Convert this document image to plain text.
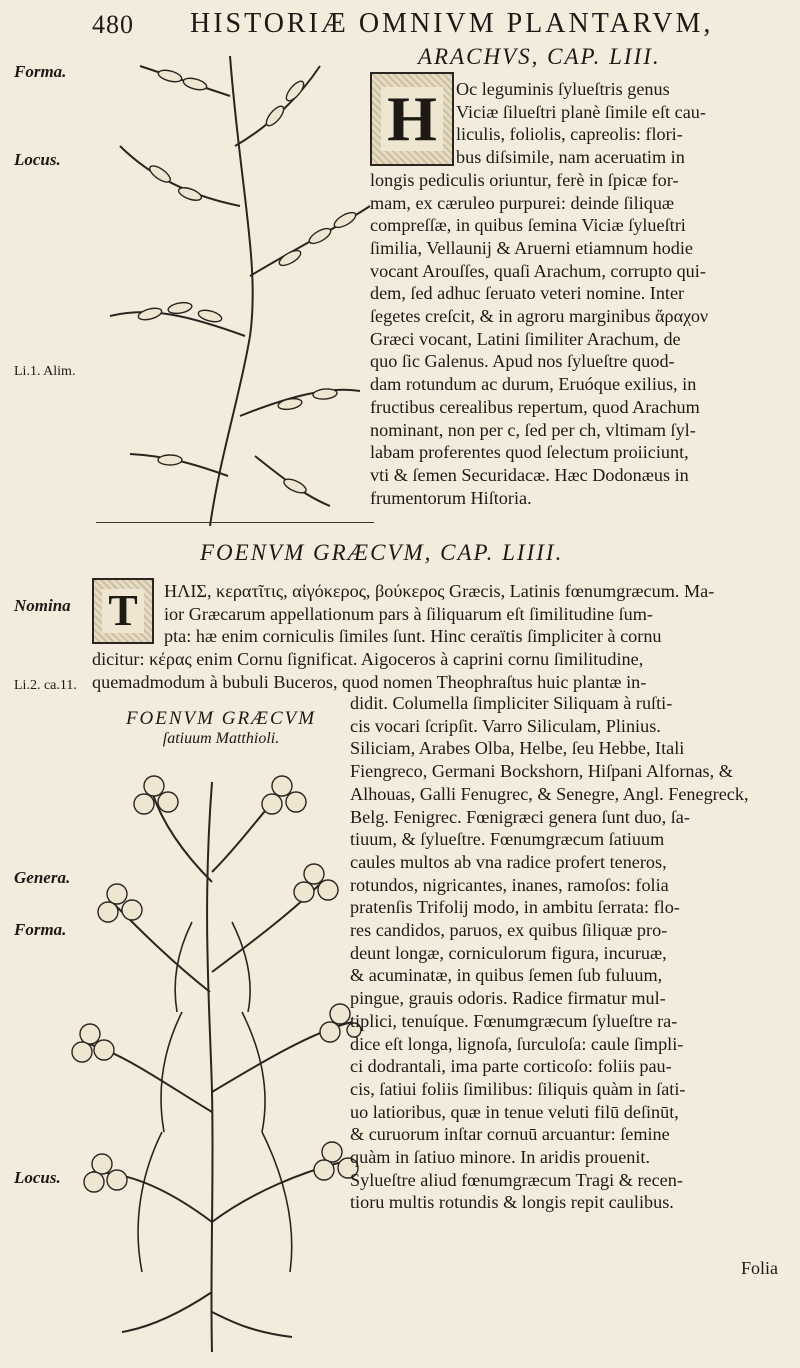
480 HISTORIÆ OMNIVM PLANTARVM,
Forma.
Locus.
Li.1. Alim.
Nomina
Li.2. ca.11.
Genera.
Forma.
Locus.
ARACHVS, CAP. LIII.
H	Oc leguminis ſylueſtris genus
Viciæ ſilueſtri planè ſimile eſt cau-
liculis, foliolis, capreolis: flori-
bus diſsimile, nam aceruatim in
longis pediculis oriuntur, ferè in ſpicæ for-
mam, ex cæruleo purpurei: deinde ſiliquæ
compreſſæ, in quibus ſemina Viciæ ſylueſtri
ſimilia, Vellaunij & Aruerni etiamnum hodie
vocant Arouſſes, quaſi Arachum, corrupto qui-
dem, ſed adhuc ſeruato veteri nomine. Inter
ſegetes creſcit, & in agroru marginibus ἄραχον
Græci vocant, Latini ſimiliter Arachum, de
quo ſic Galenus. Apud nos ſylueſtre quod-
dam rotundum ac durum, Eruóque exilius, in
fructibus cerealibus repertum, quod Arachum
nominant, non per c, ſed per ch, vltimam ſyl-
labam proferentes quod ſelectum proiiciunt,
vti & ſemen Securidacæ. Hæc Dodonæus in
frumentorum Hiſtoria.
FOENVM GRÆCVM, CAP. LIIII.
T	ΗΛΙΣ, κερατῖτις, αἰγόκερος, βούκερος Græcis, Latinis fœnumgræcum. Ma-
ior Græcarum appellationum pars à ſiliquarum eſt ſimilitudine ſum-
pta: hæ enim corniculis ſimiles ſunt. Hinc ceraïtis ſimpliciter à cornu
dicitur: κέρας enim Cornu ſignificat. Aigoceros à caprini cornu ſimilitudine,
quemadmodum à bubuli Buceros, quod nomen Theophraſtus huic plantæ in-
FOENVM GRÆCVM
ſatiuum Matthioli.
didit. Columella ſimpliciter Siliquam à ruſti-
cis vocari ſcripſit. Varro Siliculam, Plinius.
Siliciam, Arabes Olba, Helbe, ſeu Hebbe, Itali
Fiengreco, Germani Bockshorn, Hiſpani Alfornas, &
Alhouas, Galli Fenugrec, & Senegre, Angl. Fenegreck,
Belg. Fenigrec. Fœnigræci genera ſunt duo, ſa-
tiuum, & ſylueſtre. Fœnumgræcum ſatiuum
caules multos ab vna radice profert teneros,
rotundos, nigricantes, inanes, ramoſos: folia
pratenſis Trifolij modo, in ambitu ſerrata: flo-
res candidos, paruos, ex quibus ſiliquæ pro-
deunt longæ, corniculorum figura, incuruæ,
& acuminatæ, in quibus ſemen ſub fuluum,
pingue, grauis odoris. Radice firmatur mul-
tiplici, tenuíque. Fœnumgræcum ſylueſtre ra-
dice eſt longa, lignoſa, ſurculoſa: caule ſimpli-
ci dodrantali, ima parte corticoſo: foliis pau-
cis, ſatiui foliis ſimilibus: ſiliquis quàm in ſati-
uo latioribus, quæ in tenue veluti filū deſinūt,
& curuorum inſtar cornuū arcuantur: ſemine
quàm in ſatiuo minore. In aridis prouenit.
Sylueſtre aliud fœnumgræcum Tragi & recen-
tioru multis rotundis & longis repit caulibus.
Folia
